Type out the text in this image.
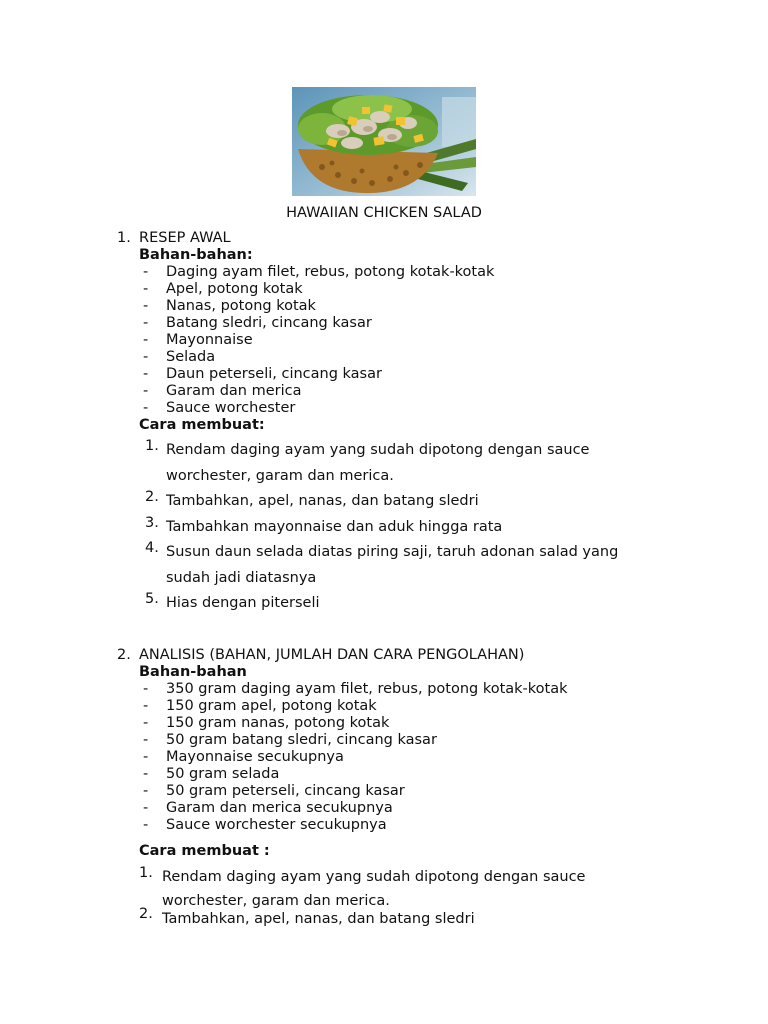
HAWAIIAN CHICKEN SALAD
1. RESEP AWAL
Bahan-bahan:
- Daging ayam filet, rebus, potong kotak-kotak
- Apel, potong kotak
- Nanas, potong kotak
- Batang sledri, cincang kasar
- Mayonnaise
- Selada
- Daun peterseli, cincang kasar
- Garam dan merica
- Sauce worchester
Cara membuat:
1. Rendam daging ayam yang sudah dipotong dengan sauce worchester, garam dan merica.
2. Tambahkan, apel, nanas, dan batang sledri
3. Tambahkan mayonnaise dan aduk hingga rata
4. Susun daun selada diatas piring saji, taruh adonan salad yang sudah jadi diatasnya
5. Hias dengan piterseli
2. ANALISIS (BAHAN, JUMLAH DAN CARA PENGOLAHAN)
Bahan-bahan
- 350 gram daging ayam filet, rebus, potong kotak-kotak
- 150 gram apel, potong kotak
- 150 gram nanas, potong kotak
- 50 gram batang sledri, cincang kasar
- Mayonnaise secukupnya
- 50 gram selada
- 50 gram peterseli, cincang kasar
- Garam dan merica secukupnya
- Sauce worchester secukupnya
Cara membuat :
1. Rendam daging ayam yang sudah dipotong dengan sauce worchester, garam dan merica.
2. Tambahkan, apel, nanas, dan batang sledri
